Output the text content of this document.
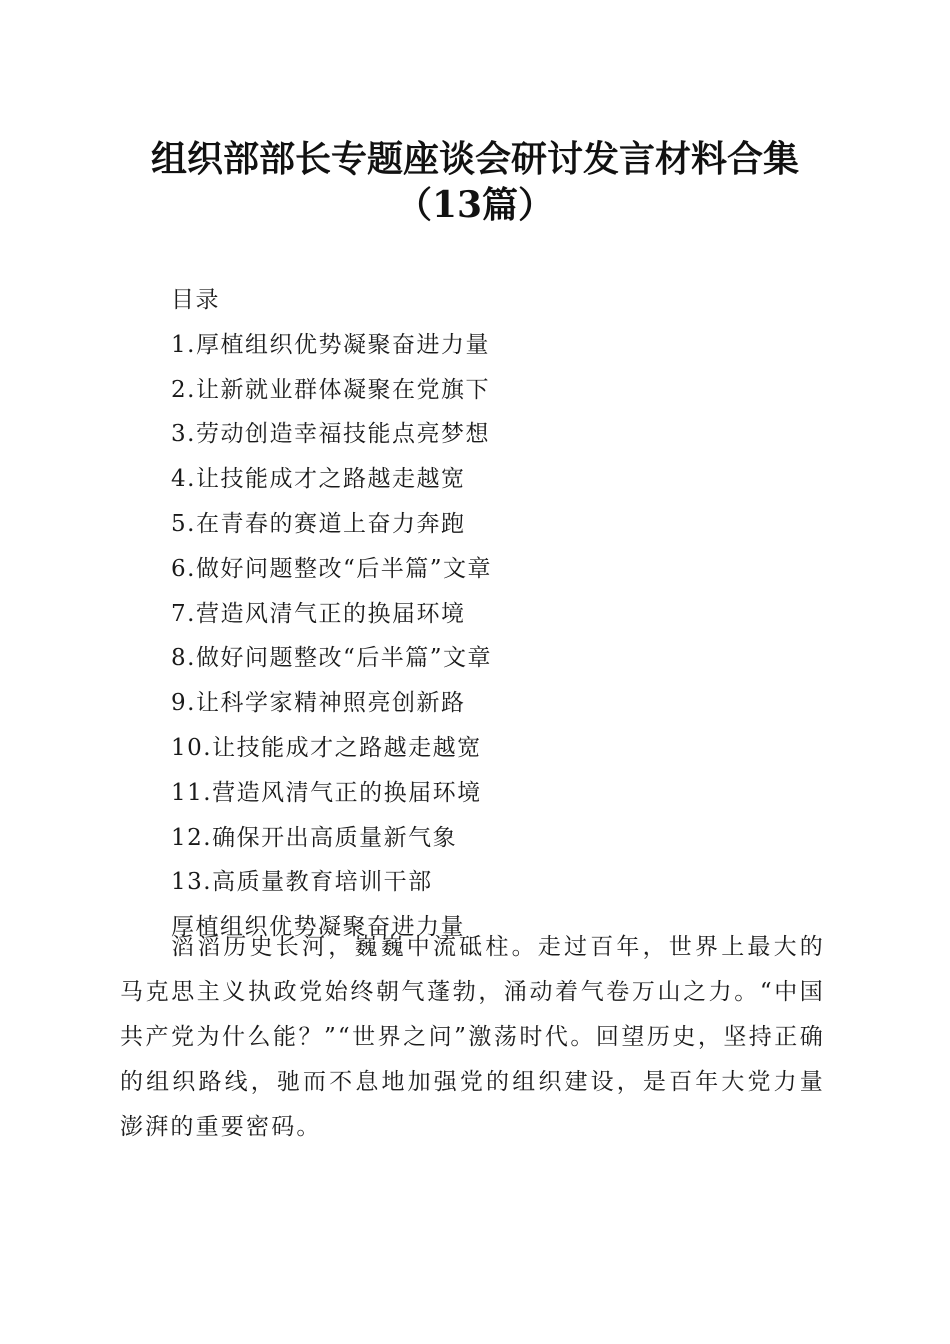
组织部部长专题座谈会研讨发言材料合集（13篇）
目录
1.厚植组织优势凝聚奋进力量
2.让新就业群体凝聚在党旗下
3.劳动创造幸福技能点亮梦想
4.让技能成才之路越走越宽
5.在青春的赛道上奋力奔跑
6.做好问题整改“后半篇”文章
7.营造风清气正的换届环境
8.做好问题整改“后半篇”文章
9.让科学家精神照亮创新路
10.让技能成才之路越走越宽
11.营造风清气正的换届环境
12.确保开出高质量新气象
13.高质量教育培训干部
厚植组织优势凝聚奋进力量
滔滔历史长河，巍巍中流砥柱。走过百年，世界上最大的马克思主义执政党始终朝气蓬勃，涌动着气卷万山之力。“中国共产党为什么能？”“世界之问”激荡时代。回望历史，坚持正确的组织路线，驰而不息地加强党的组织建设，是百年大党力量澎湃的重要密码。
